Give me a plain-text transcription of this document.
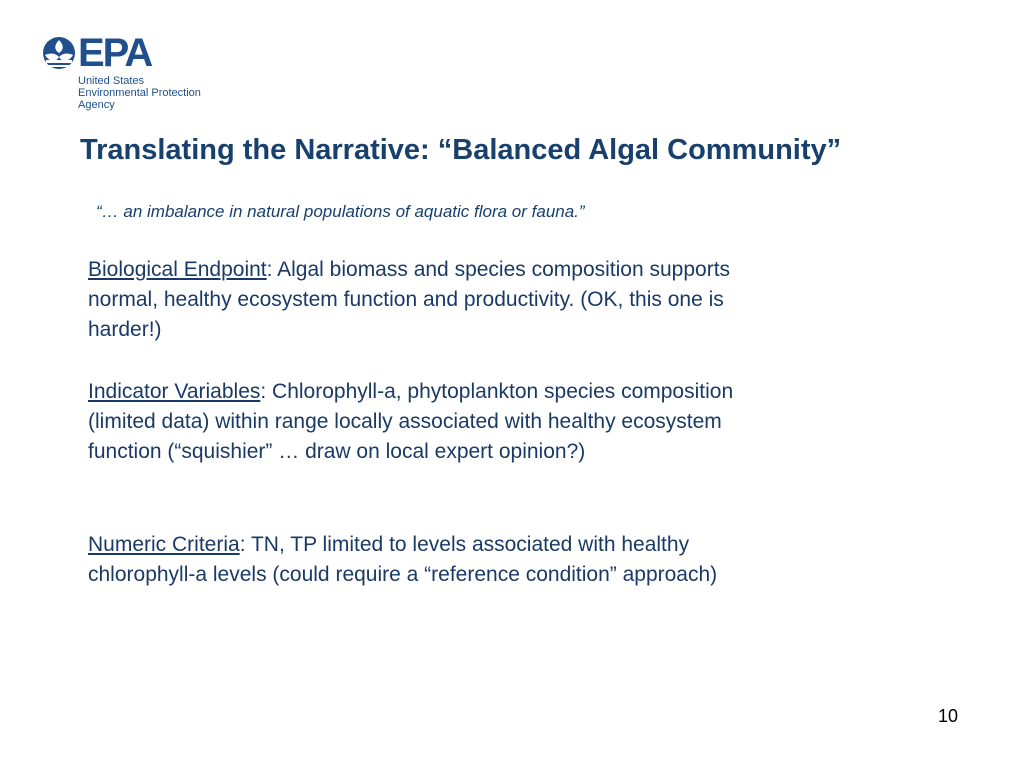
EPA
United States
Environmental Protection
Agency
Translating the Narrative: “Balanced Algal Community”

“… an imbalance in natural populations of aquatic flora or fauna.”

Biological Endpoint: Algal biomass and species composition supports normal, healthy ecosystem function and productivity. (OK, this one is harder!)

Indicator Variables: Chlorophyll-a, phytoplankton species composition (limited data) within range locally associated with healthy ecosystem function (“squishier” … draw on local expert opinion?)

Numeric Criteria: TN, TP limited to levels associated with healthy chlorophyll-a levels (could require a “reference condition” approach)

10
